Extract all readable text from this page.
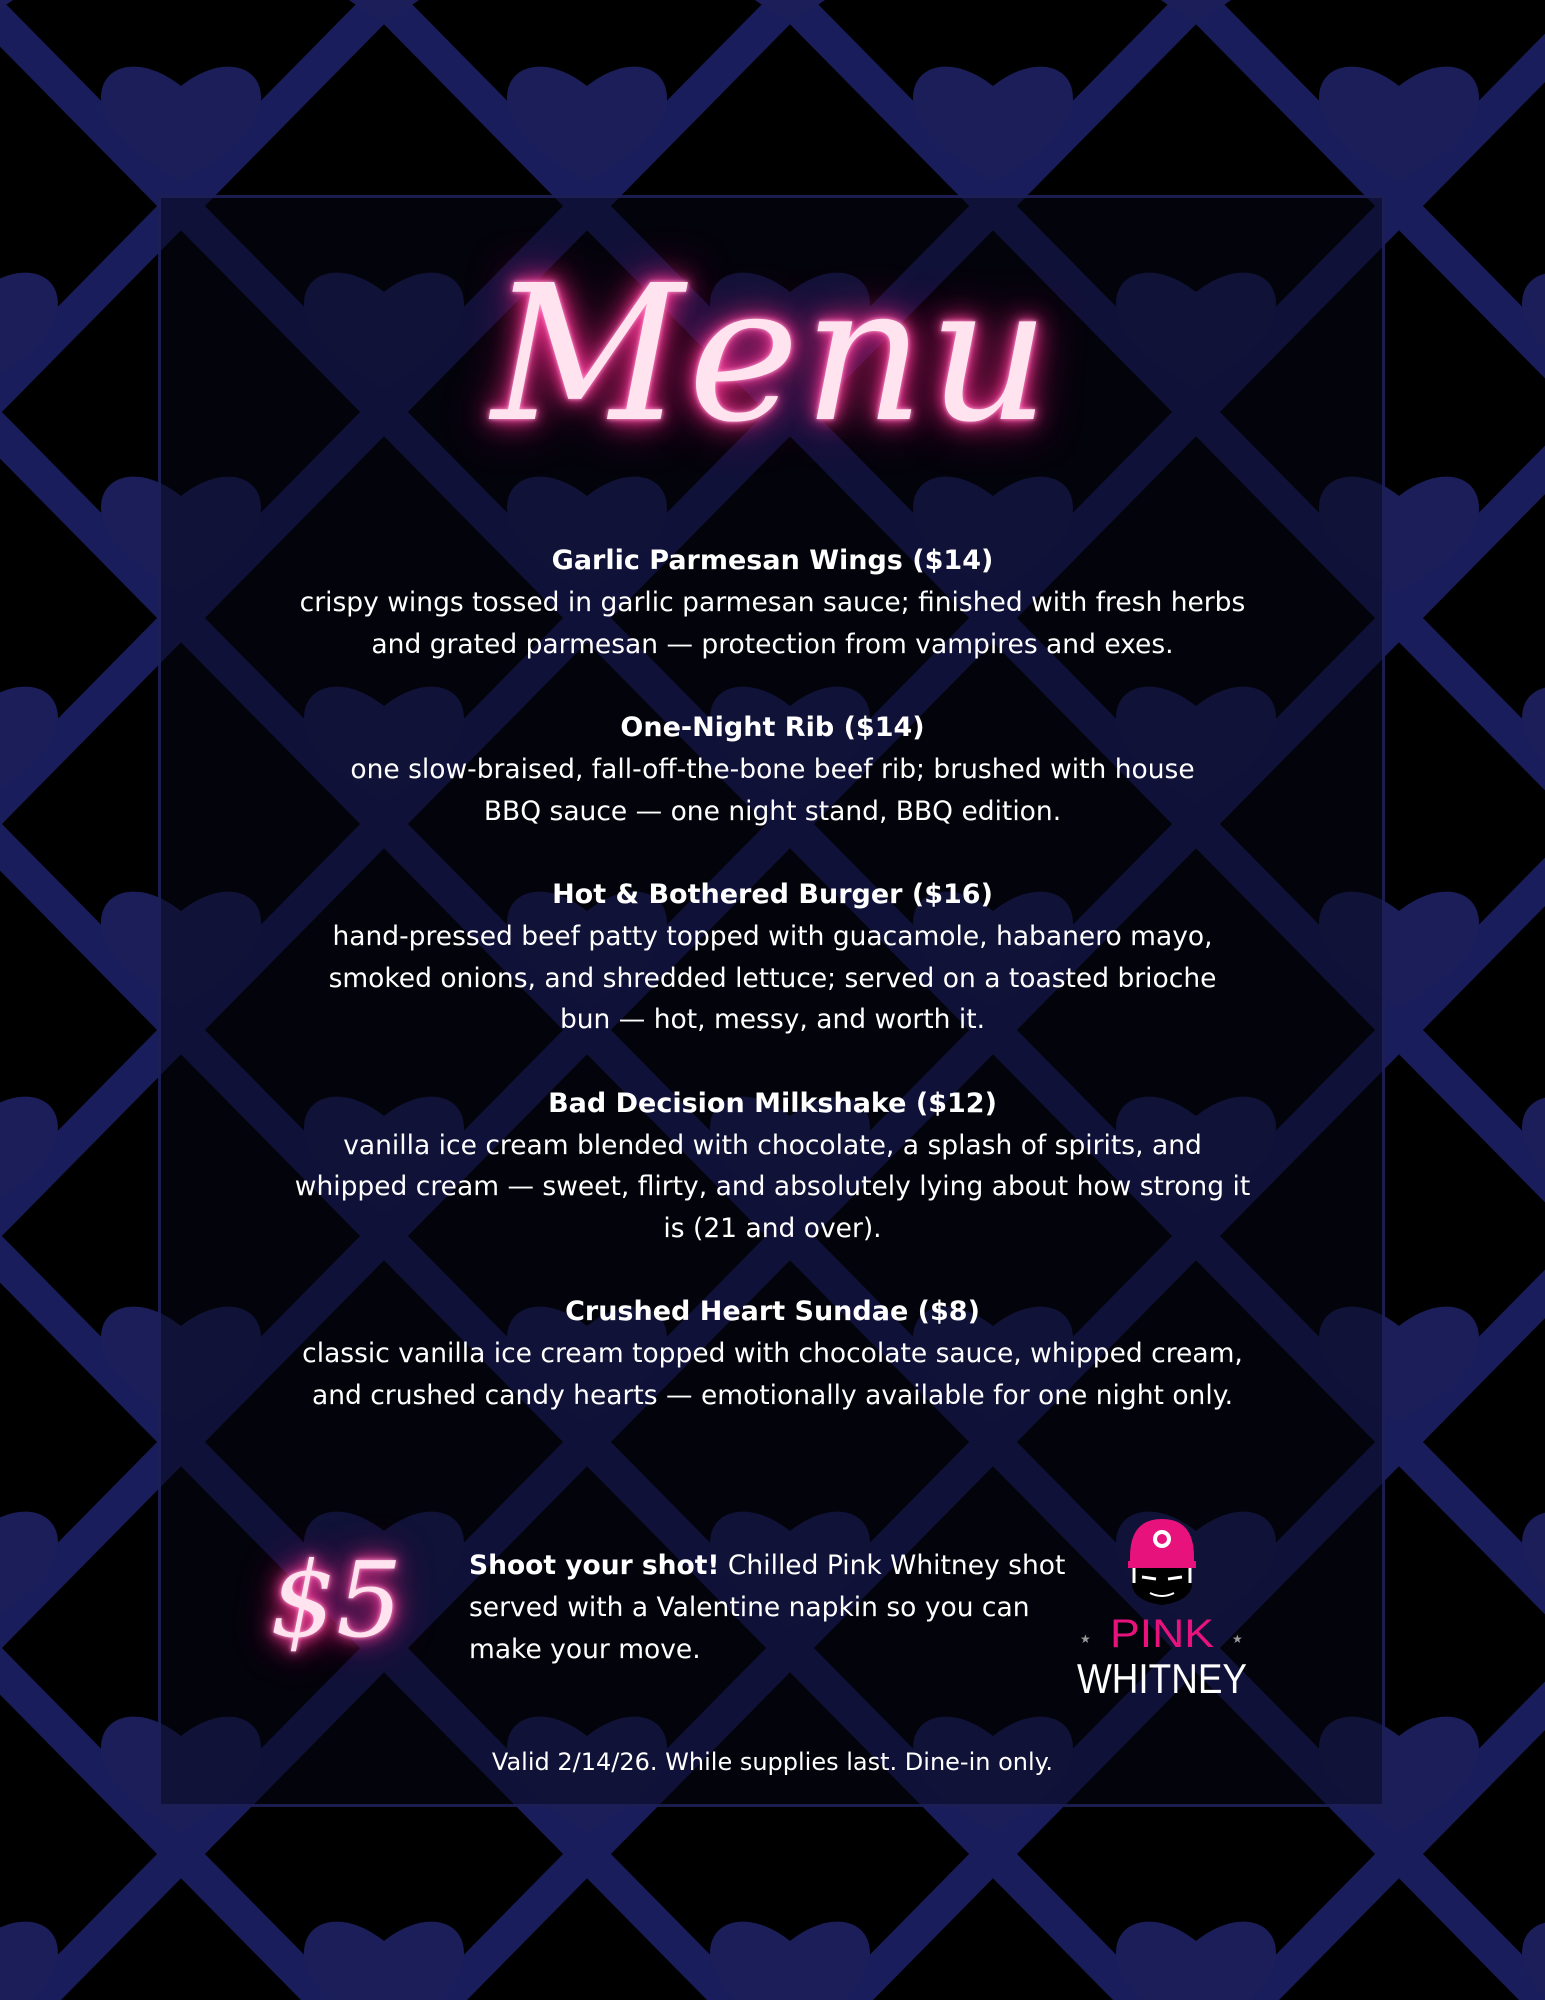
Menu
Garlic Parmesan Wings ($14)
crispy wings tossed in garlic parmesan sauce; finished with fresh herbs and grated parmesan — protection from vampires and exes.
One-Night Rib ($14)
one slow-braised, fall-off-the-bone beef rib; brushed with house BBQ sauce — one night stand, BBQ edition.
Hot & Bothered Burger ($16)
hand-pressed beef patty topped with guacamole, habanero mayo, smoked onions, and shredded lettuce; served on a toasted brioche bun — hot, messy, and worth it.
Bad Decision Milkshake ($12)
vanilla ice cream blended with chocolate, a splash of spirits, and whipped cream — sweet, flirty, and absolutely lying about how strong it is (21 and over).
Crushed Heart Sundae ($8)
classic vanilla ice cream topped with chocolate sauce, whipped cream, and crushed candy hearts — emotionally available for one night only.
$5	Shoot your shot! Chilled Pink Whitney shot served with a Valentine napkin so you can make your move.	★	★
PINK
WHITNEY
Valid 2/14/26. While supplies last. Dine-in only.
